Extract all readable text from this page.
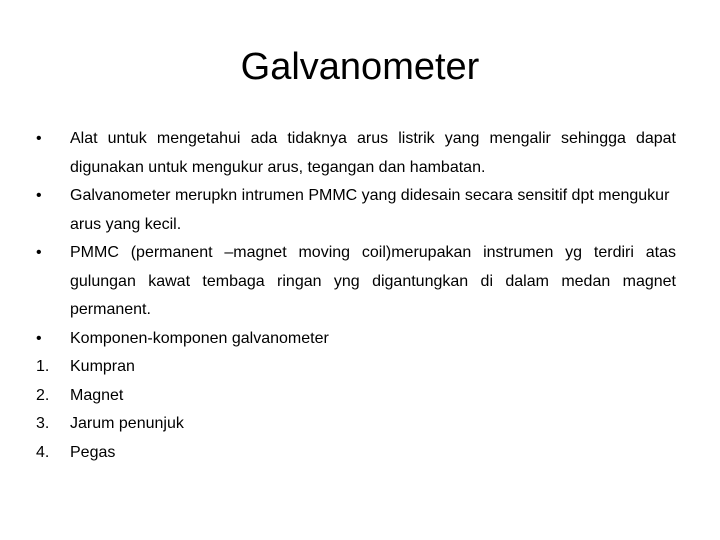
Galvanometer
•	Alat untuk mengetahui ada tidaknya arus listrik yang mengalir sehingga dapat digunakan untuk mengukur arus, tegangan dan hambatan.
•	Galvanometer merupkn intrumen PMMC yang didesain secara sensitif dpt mengukur arus yang kecil.
•	PMMC (permanent –magnet moving coil)merupakan instrumen yg terdiri atas gulungan kawat tembaga ringan yng digantungkan di dalam medan magnet permanent.
•	Komponen-komponen galvanometer
1.	Kumpran
2.	Magnet
3.	Jarum penunjuk
4.	Pegas
